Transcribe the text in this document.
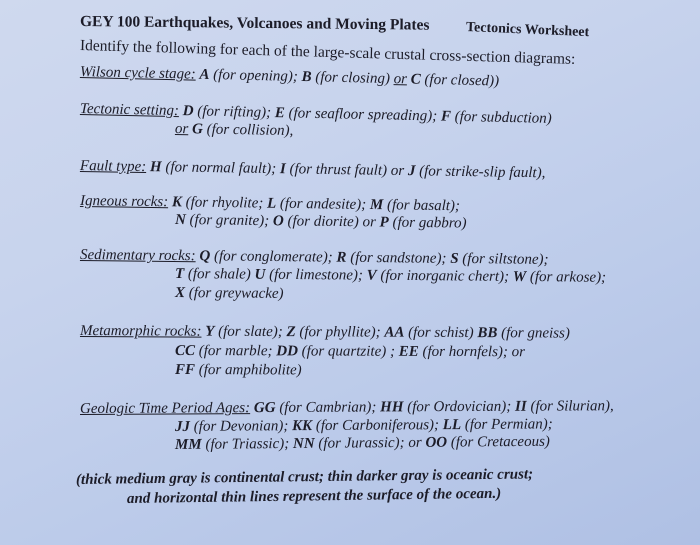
GEY 100 Earthquakes, Volcanoes and Moving Plates	Tectonics Worksheet
Identify the following for each of the large-scale crustal cross-section diagrams:
Wilson cycle stage: A (for opening); B (for closing) or C (for closed))
Tectonic setting: D (for rifting); E (for seafloor spreading); F (for subduction)
or G (for collision),
Fault type: H (for normal fault); I (for thrust fault) or J (for strike-slip fault),
Igneous rocks: K (for rhyolite; L (for andesite); M (for basalt);
N (for granite); O (for diorite) or P (for gabbro)
Sedimentary rocks: Q (for conglomerate); R (for sandstone); S (for siltstone);
T (for shale) U (for limestone); V (for inorganic chert); W (for arkose);
X (for greywacke)
Metamorphic rocks: Y (for slate); Z (for phyllite); AA (for schist) BB (for gneiss)
CC (for marble; DD (for quartzite) ; EE (for hornfels); or
FF (for amphibolite)
Geologic Time Period Ages: GG (for Cambrian); HH (for Ordovician); II (for Silurian),
JJ (for Devonian); KK (for Carboniferous); LL (for Permian);
MM (for Triassic); NN (for Jurassic); or OO (for Cretaceous)
(thick medium gray is continental crust; thin darker gray is oceanic crust;
and horizontal thin lines represent the surface of the ocean.)
